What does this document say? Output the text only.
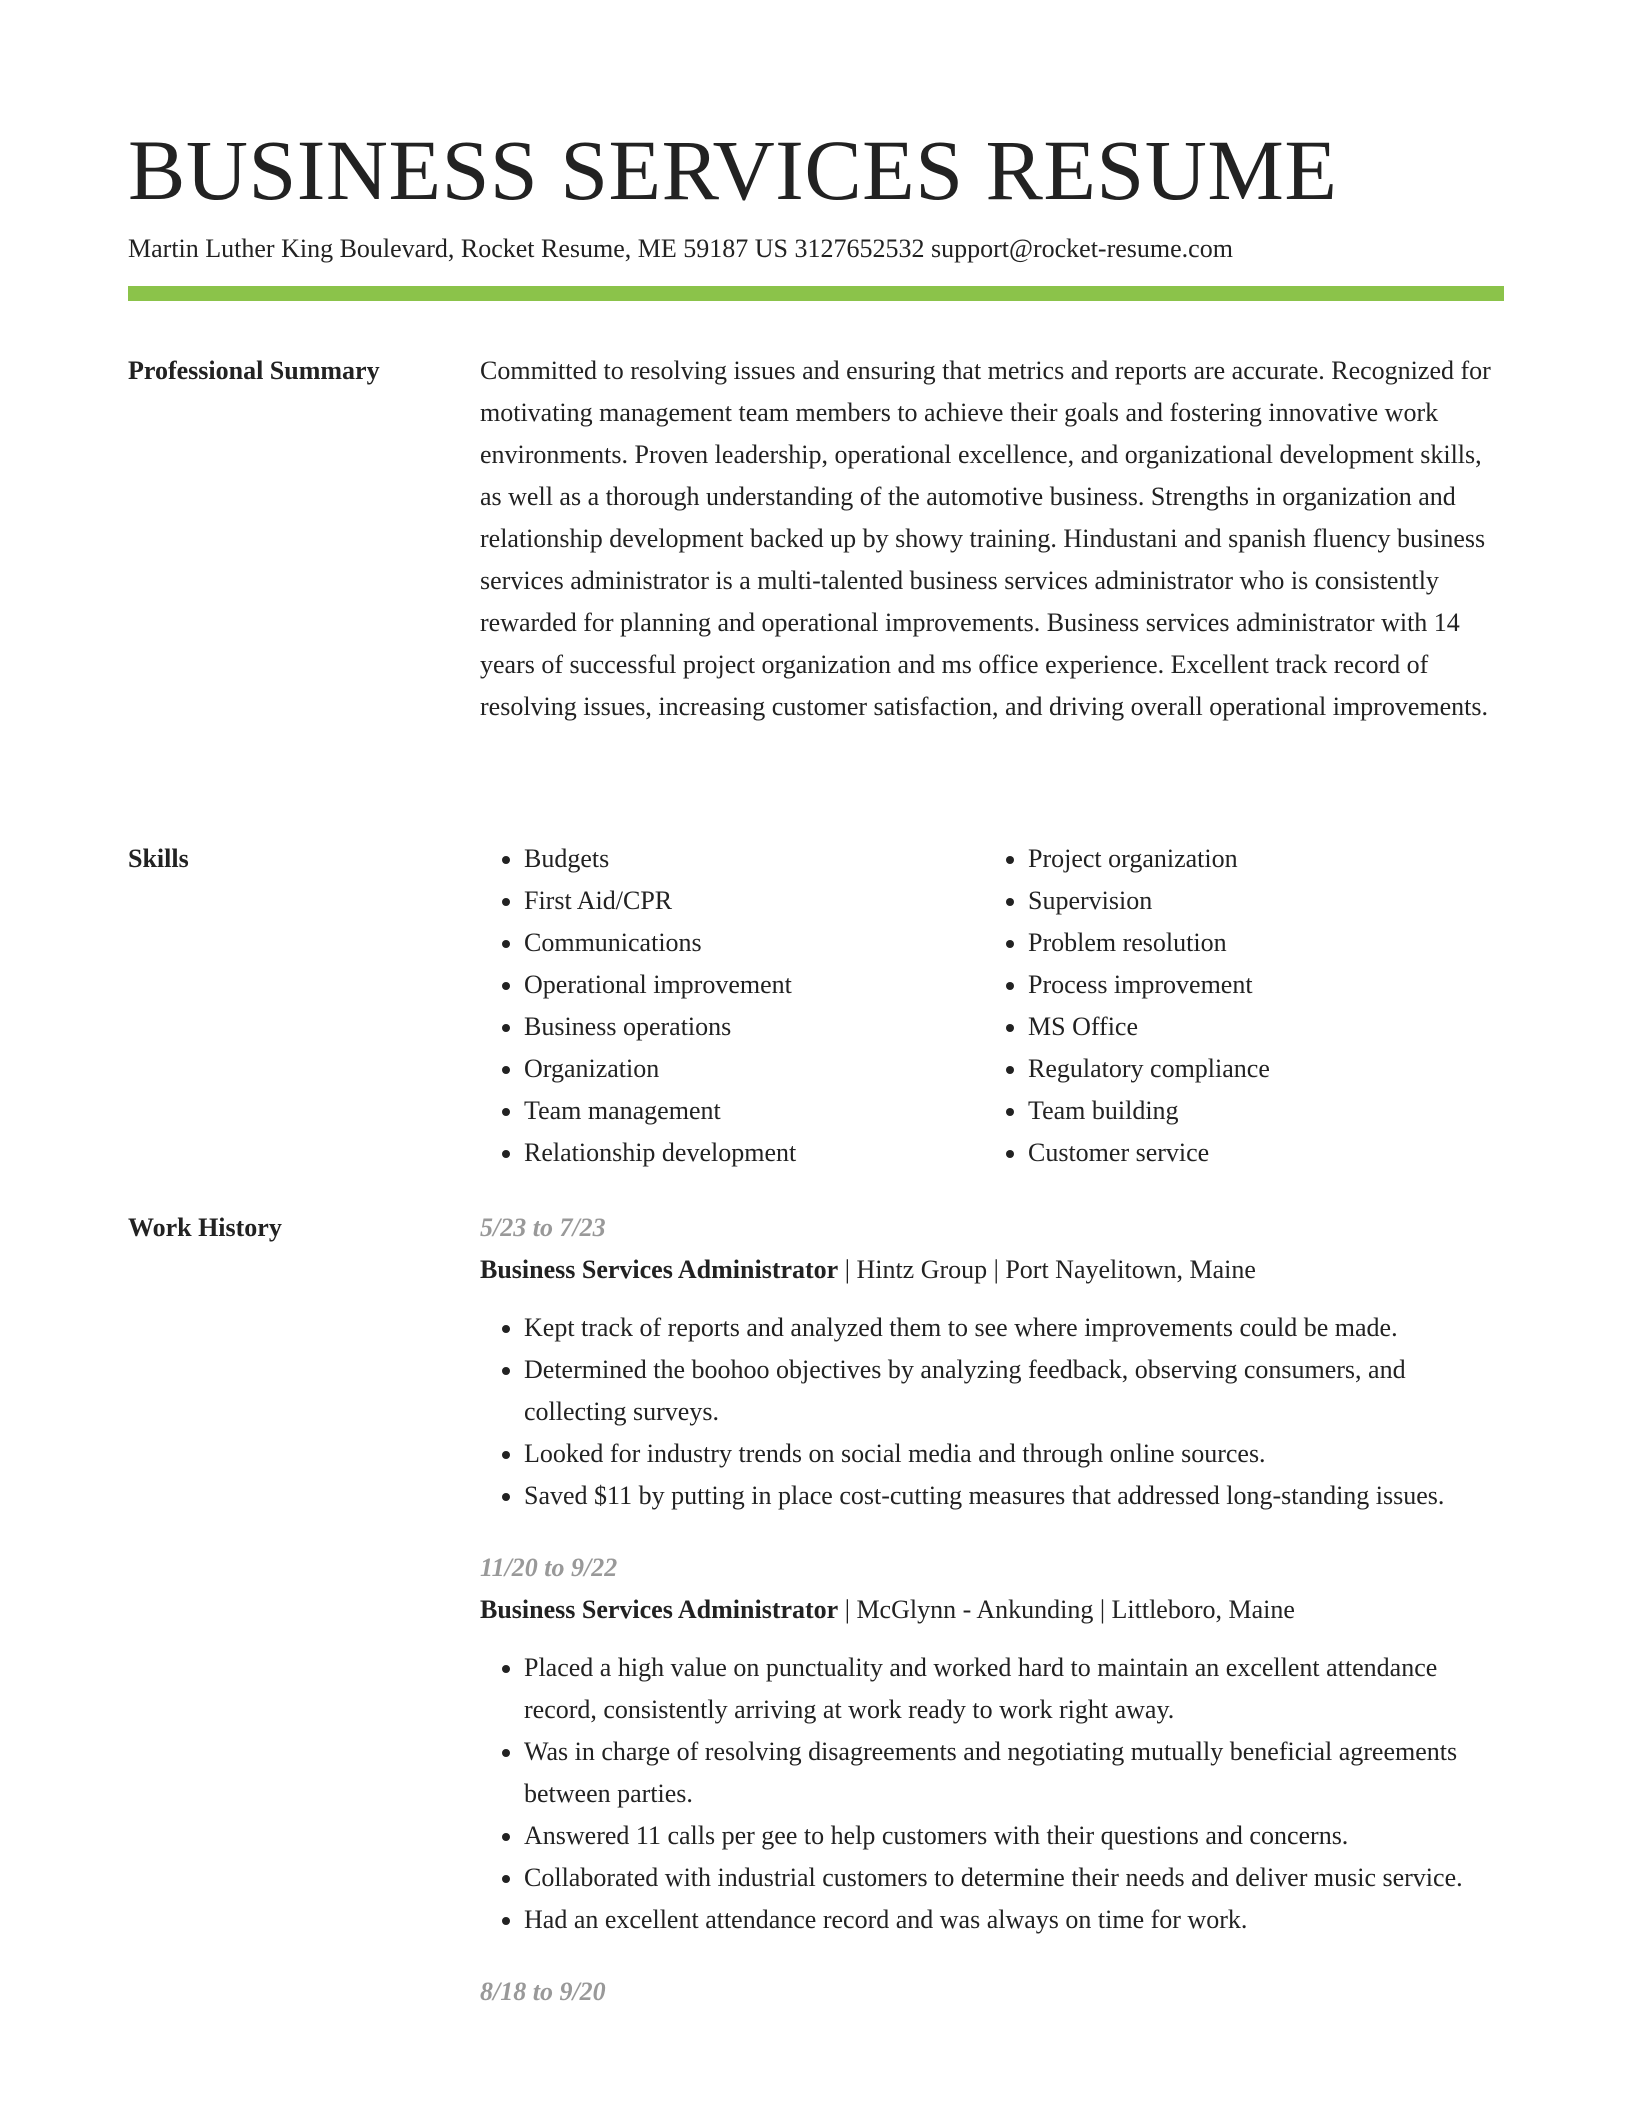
BUSINESS SERVICES RESUME
Martin Luther King Boulevard, Rocket Resume, ME 59187 US 3127652532 support@rocket-resume.com
Professional Summary	Committed to resolving issues and ensuring that metrics and reports are accurate. Recognized for motivating management team members to achieve their goals and fostering innovative work environments. Proven leadership, operational excellence, and organizational development skills, as well as a thorough understanding of the automotive business. Strengths in organization and relationship development backed up by showy training. Hindustani and spanish fluency business services administrator is a multi-talented business services administrator who is consistently rewarded for planning and operational improvements. Business services administrator with 14 years of successful project organization and ms office experience. Excellent track record of resolving issues, increasing customer satisfaction, and driving overall operational improvements.

Skills
•	Budgets
• First Aid/CPR
• Communications
• Operational improvement
• Business operations
• Organization
• Team management
• Relationship development
• Project organization
• Supervision
• Problem resolution
• Process improvement
• MS Office
• Regulatory compliance
• Team building
• Customer service
Work History	5/23 to 7/23
Business Services Administrator | Hintz Group | Port Nayelitown, Maine
• Kept track of reports and analyzed them to see where improvements could be made.
• Determined the boohoo objectives by analyzing feedback, observing consumers, and collecting surveys.
• Looked for industry trends on social media and through online sources.
• Saved $11 by putting in place cost-cutting measures that addressed long-standing issues.
11/20 to 9/22
Business Services Administrator | McGlynn - Ankunding | Littleboro, Maine
• Placed a high value on punctuality and worked hard to maintain an excellent attendance record, consistently arriving at work ready to work right away.
• Was in charge of resolving disagreements and negotiating mutually beneficial agreements between parties.
• Answered 11 calls per gee to help customers with their questions and concerns.
• Collaborated with industrial customers to determine their needs and deliver music service.
• Had an excellent attendance record and was always on time for work.
8/18 to 9/20
